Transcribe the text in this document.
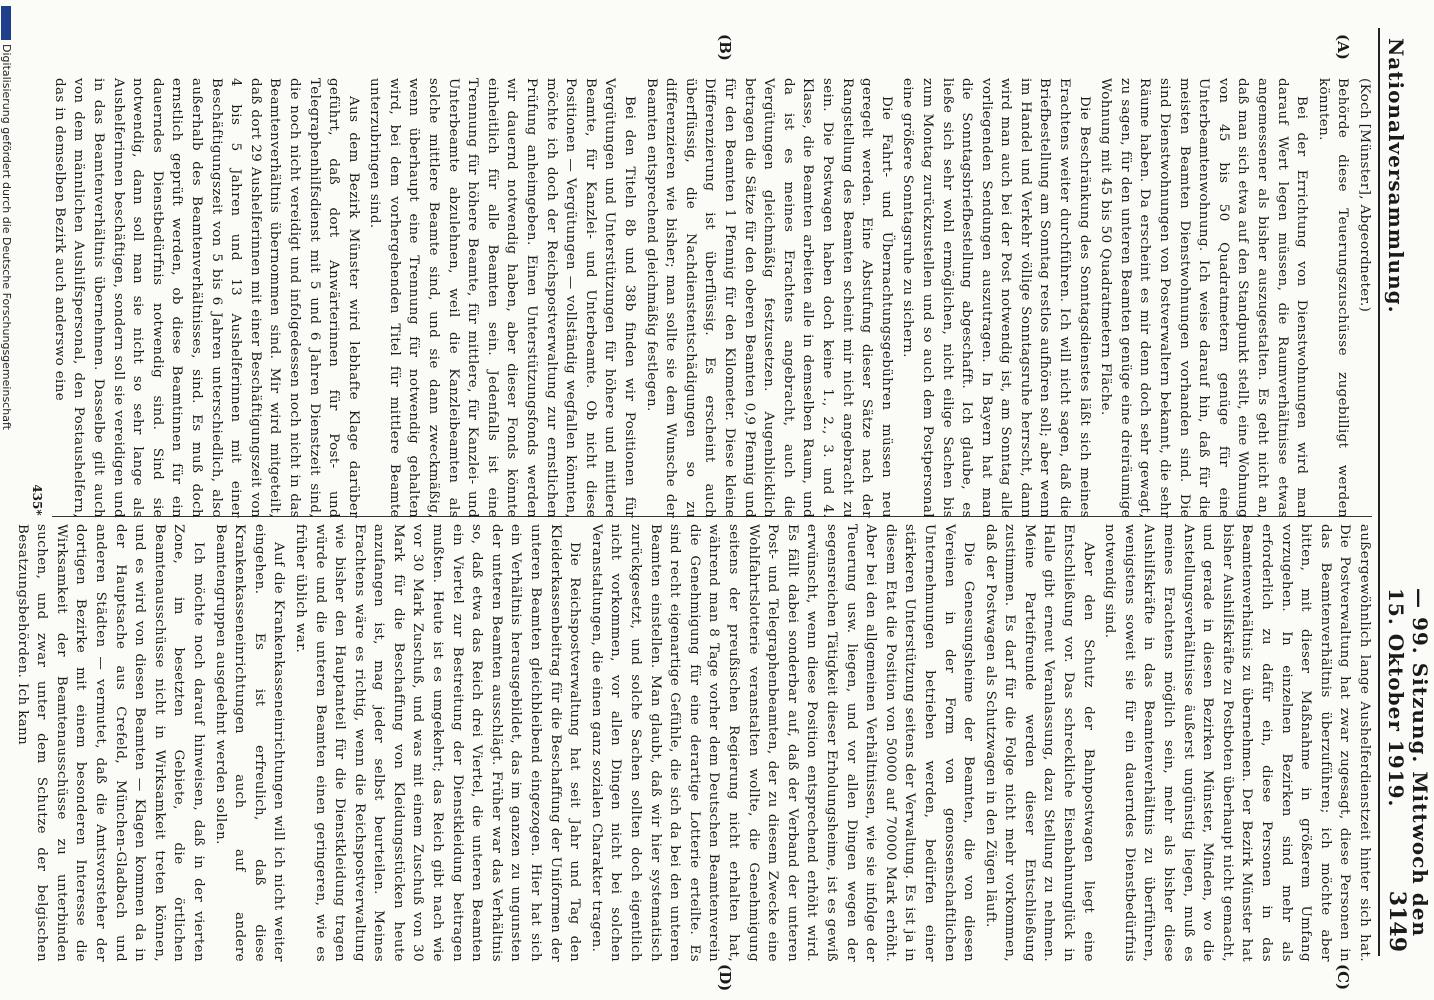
Nationalversammlung.
— 99. Sitzung. Mittwoch den 15. Oktober 1919.
3149
(A)
(B)
(C)
(D)

(Koch [Münster], Abgeordneter.)

Behörde diese Teuerungszuschüsse zugebilligt werden könnten.

Bei der Errichtung von Dienstwohnungen wird man darauf Wert legen müssen, die Raumverhältnisse etwas angemessener als bisher auszugestalten. Es geht nicht an, daß man sich etwa auf den Standpunkt stellt, eine Wohnung von 45 bis 50 Quadratmetern genüge für eine Unterbeamtenwohnung. Ich weise darauf hin, daß für die meisten Beamten Dienstwohnungen vorhanden sind. Die sind Dienstwohnungen von Postverwaltern bekannt, die sehr Räume haben. Da erscheint es mir denn doch sehr gewagt, zu sagen, für den unteren Beamten genüge eine dreiräumige Wohnung mit 45 bis 50 Quadratmetern Fläche.

Die Beschränkung des Sonntagsdienstes läßt sich meines Erachtens weiter durchführen. Ich will nicht sagen, daß die Briefbestellung am Sonntag restlos aufhören soll; aber wenn im Handel und Verkehr völlige Sonntagsruhe herrscht, dann wird man auch bei der Post notwendig ist, am Sonntag alle vorliegenden Sendungen auszutragen. In Bayern hat man die Sonntagsbriefbestellung abgeschafft. Ich glaube, es ließe sich sehr wohl ermöglichen, nicht eilige Sachen bis zum Montag zurückzustellen und so auch dem Postpersonal eine größere Sonntagsruhe zu sichern.

Die Fahrt- und Übernachtungsgebühren müssen neu geregelt werden. Eine Abstufung dieser Sätze nach der Rangstellung des Beamten scheint mir nicht angebracht zu sein. Die Postwagen haben doch keine 1., 2., 3. und 4. Klasse, die Beamten arbeiten alle in demselben Raum, und da ist es meines Erachtens angebracht, auch die Vergütungen gleichmäßig festzusetzen. Augenblicklich betragen die Sätze für den oberen Beamten 0,9 Pfennig und für den Beamten 1 Pfennig für den Kilometer. Diese kleine Differenzierung ist überflüssig. Es erscheint auch überflüssig, die Nachdienstentschädigungen so zu differenzieren wie bisher; man sollte sie dem Wunsche der Beamten entsprechend gleichmäßig festlegen.

Bei den Titeln 8b und 38b finden wir Positionen für Vergütungen und Unterstützungen für höhere und mittlere Beamte, für Kanzlei- und Unterbeamte. Ob nicht diese Positionen — Vergütungen — vollständig wegfallen könnten, möchte ich doch der Reichspostverwaltung zur ernstlichen Prüfung anheimgeben. Einen Unterstützungsfonds werden wir dauernd notwendig haben, aber dieser Fonds könnte einheitlich für alle Beamten sein. Jedenfalls ist eine Trennung für höhere Beamte, für mittlere, für Kanzlei- und Unterbeamte abzulehnen, weil die Kanzleibeamten als solche mittlere Beamte sind, und sie dann zweckmäßig, wenn überhaupt eine Trennung für notwendig gehalten wird, bei dem vorhergehenden Titel für mittlere Beamte unterzubringen sind.

Aus dem Bezirk Münster wird lebhafte Klage darüber geführt, daß dort Anwärterinnen für Post- und Telegraphenhilfsdienst mit 5 und 6 Jahren Dienstzeit sind, die noch nicht vereidigt und infolgedessen noch nicht in das Beamtenverhältnis übernommen sind. Mir wird mitgeteilt, daß dort 29 Aushelferinnen mit einer Beschäftigungszeit von 4 bis 5 Jahren und 13 Aushelferinnen mit einer Beschäftigungszeit von 5 bis 6 Jahren unterschiedlich, also außerhalb des Beamtenverhältnisses, sind. Es muß doch ernstlich geprüft werden, ob diese Beamtinnen für ein dauerndes Dienstbedürfnis notwendig sind. Sind sie notwendig, dann soll man sie nicht so sehr lange als Aushelferinnen beschäftigen, sondern soll sie vereidigen und in das Beamtenverhältnis übernehmen. Dasselbe gilt auch von dem männlichen Aushilfspersonal, den Postaushelfern, das in demselben Bezirk auch anderswo eine

außergewöhnlich lange Aushelferdienstzeit hinter sich hat. Die Postverwaltung hat zwar zugesagt, diese Personen in das Beamtenverhältnis überzuführen; ich möchte aber bitten, mit dieser Maßnahme in größerem Umfang vorzugehen. In einzelnen Bezirken sind mehr als erforderlich zu dafür ein, diese Personen in das Beamtenverhältnis zu übernehmen. Der Bezirk Münster hat bisher Aushilfskräfte zu Postboten überhaupt nicht gemacht, und gerade in diesen Bezirken Münster, Minden, wo die Anstellungsverhältnisse äußerst ungünstig liegen, muß es meines Erachtens möglich sein, mehr als bisher diese Aushilfskräfte in das Beamtenverhältnis zu überführen, wenigstens soweit sie für ein dauerndes Dienstbedürfnis notwendig sind.

Aber den Schutz der Bahnpostwagen liegt eine Entschließung vor. Das schreckliche Eisenbahnunglück in Halle gibt erneut Veranlassung, dazu Stellung zu nehmen. Meine Parteifreunde werden dieser Entschließung zustimmen. Es darf für die Folge nicht mehr vorkommen, daß der Postwagen als Schutzwagen in den Zügen läuft.

Die Genesungsheime der Beamten, die von diesen Vereinen in der Form von genossenschaftlichen Unternehmungen betrieben werden, bedürfen einer stärkeren Unterstützung seitens der Verwaltung. Es ist ja in diesem Etat die Position von 50000 auf 70000 Mark erhöht. Aber bei den allgemeinen Verhältnissen, wie sie infolge der Teuerung usw. liegen, und vor allen Dingen wegen der segensreichen Tätigkeit dieser Erholungsheime, ist es gewiß erwünscht, wenn diese Position entsprechend erhöht wird. Es fällt dabei sonderbar auf, daß der Verband der unteren Post- und Telegraphenbeamten, der zu diesem Zwecke eine Wohlfahrtslotterie veranstalten wollte, die Genehmigung seitens der preußischen Regierung nicht erhalten hat, während man 8 Tage vorher dem Deutschen Beamtenverein die Genehmigung für eine derartige Lotterie erteilte. Es sind recht eigenartige Gefühle, die sich da bei den unteren Beamten einstellen. Man glaubt, daß wir hier systematisch zurückgesetzt, und solche Sachen sollten doch eigentlich nicht vorkommen, vor allen Dingen nicht bei solchen Veranstaltungen, die einen ganz sozialen Charakter tragen.

Die Reichspostverwaltung hat seit Jahr und Tag den Kleiderkassenbeitrag für die Beschaffung der Uniformen der unteren Beamten gleichbleibend eingezogen. Hier hat sich ein Verhältnis herausgebildet, das im ganzen zu ungunsten der unteren Beamten ausschlägt. Früher war das Verhältnis so, daß etwa das Reich drei Viertel, die unteren Beamten ein Viertel zur Bestreitung der Dienstkleidung beitragen mußten. Heute ist es umgekehrt; das Reich gibt nach wie vor 30 Mark Zuschuß, und was mit einem Zuschuß von 30 Mark für die Beschaffung von Kleidungsstücken heute anzufangen ist, mag jeder selbst beurteilen. Meines Erachtens wäre es richtig, wenn die Reichspostverwaltung wie bisher den Hauptanteil für die Dienstkleidung tragen würde und die unteren Beamten einen geringeren, wie es früher üblich war.

Auf die Krankenkasseneinrichtungen will ich nicht weiter eingehen. Es ist erfreulich, daß diese Krankenkasseneinrichtungen auch auf andere Beamtengruppen ausgedehnt werden sollen.

Ich möchte noch darauf hinweisen, daß in der vierten Zone, im besetzten Gebiete, die örtlichen Beamtenausschüsse nicht in Wirksamkeit treten können, und es wird von diesen Beamten — Klagen kommen da in der Hauptsache aus Crefeld, München-Gladbach und anderen Städten — vermutet, daß die Amtsvorsteher der dortigen Bezirke mit einem besonderen Interesse die Wirksamkeit der Beamtenausschüsse zu unterbinden suchen, und zwar unter dem Schutze der belgischen Besatzungsbehörden. Ich kann

435*
Digitalisierung gefördert durch die Deutsche Forschungsgemeinschaft
